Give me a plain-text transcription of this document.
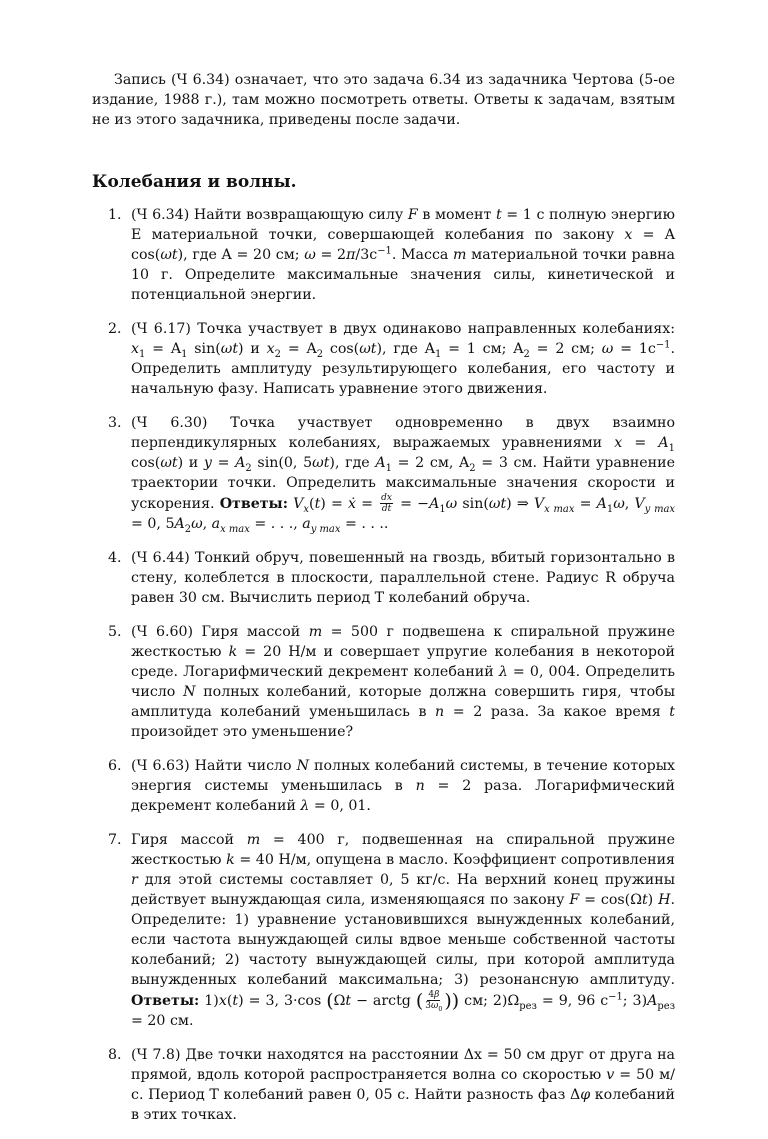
Запись (Ч 6.34) означает, что это задача 6.34 из задачника Чертова (5-ое издание, 1988 г.), там можно посмотреть ответы. Ответы к задачам, взятым не из этого задачника, приведены после задачи.

Колебания и волны.
1. (Ч 6.34) Найти возвращающую силу F в момент t = 1 с полную энергию Е материальной точки, совершающей колебания по закону x = A cos(ωt), где A = 20 см; $\omega = 2\pi/3с^{-1}$. Масса m материальной точки равна 10 г. Определите максимальные значения силы, кинетической и потенциальной энергии.
2. (Ч 6.17) Точка участвует в двух одинаково направленных колебаниях: $x_1 = A_1$ sin(ωt) и $x_2 = A_2$ cos(ωt), где $A_1 = 1$ см; $A_2 = 2$ см; $\omega = 1с^{-1}$. Определить амплитуду результирующего колебания, его частоту и начальную фазу. Написать уравнение этого движения.
3. (Ч 6.30) Точка участвует одновременно в двух взаимно перпендикулярных колебаниях, выражаемых уравнениями $x = A_1$ cos(ωt) и $y = A_2$ sin(0, 5ωt), где $A_1 = 2$ см, $A_2 = 3$ см. Найти уравнение траектории точки. Определить максимальные значения скорости и ускорения. Ответы: $V_x(t)$ = ẋ = $\frac{dx}{dt} = -A_1\omega$ sin(ωt) ⇒ $V_{x max} = A_1\omega$, $V_{y max} = 0$, $5A_2\omega$, $a_{x max}$ = . . ., $a_{y max}$ = . . ..
4. (Ч 6.44) Тонкий обруч, повешенный на гвоздь, вбитый горизонтально в стену, колеблется в плоскости, параллельной стене. Радиус R обруча равен 30 см. Вычислить период T колебаний обруча.
5. (Ч 6.60) Гиря массой m = 500 г подвешена к спиральной пружине жесткостью k = 20 Н/м и совершает упругие колебания в некоторой среде. Логарифмический декремент колебаний λ = 0, 004. Определить число N полных колебаний, которые должна совершить гиря, чтобы амплитуда колебаний уменьшилась в n = 2 раза. За какое время t произойдет это уменьшение?
6. (Ч 6.63) Найти число N полных колебаний системы, в течение которых энергия системы уменьшилась в n = 2 раза. Логарифмический декремент колебаний λ = 0, 01.
7. Гиря массой m = 400 г, подвешенная на спиральной пружине жесткостью k = 40 Н/м, опущена в масло. Коэффициент сопротивления r для этой системы составляет 0, 5 кг/с. На верхний конец пружины действует вынуждающая сила, изменяющаяся по закону F = cos(Ωt) H. Определите: 1) уравнение установившихся вынужденных колебаний, если частота вынуждающей силы вдвое меньше собственной частоты колебаний; 2) частоту вынуждающей силы, при которой амплитуда вынужденных колебаний максимальна; 3) резонансную амплитуду. Ответы: 1)x(t) = 3, 3·cos (Ωt − arctg ( $\frac{4\beta}{3\omega_0}$ )) см; $2)\Omega_{рез} = 9$, 96 $с^{-1}$; $3)A_{рез} = 20$ см.
8. (Ч 7.8) Две точки находятся на расстоянии Δx = 50 см друг от друга на прямой, вдоль которой распространяется волна со скоростью v = 50 м/с. Период T колебаний равен 0, 05 с. Найти разность фаз Δφ колебаний в этих точках.
